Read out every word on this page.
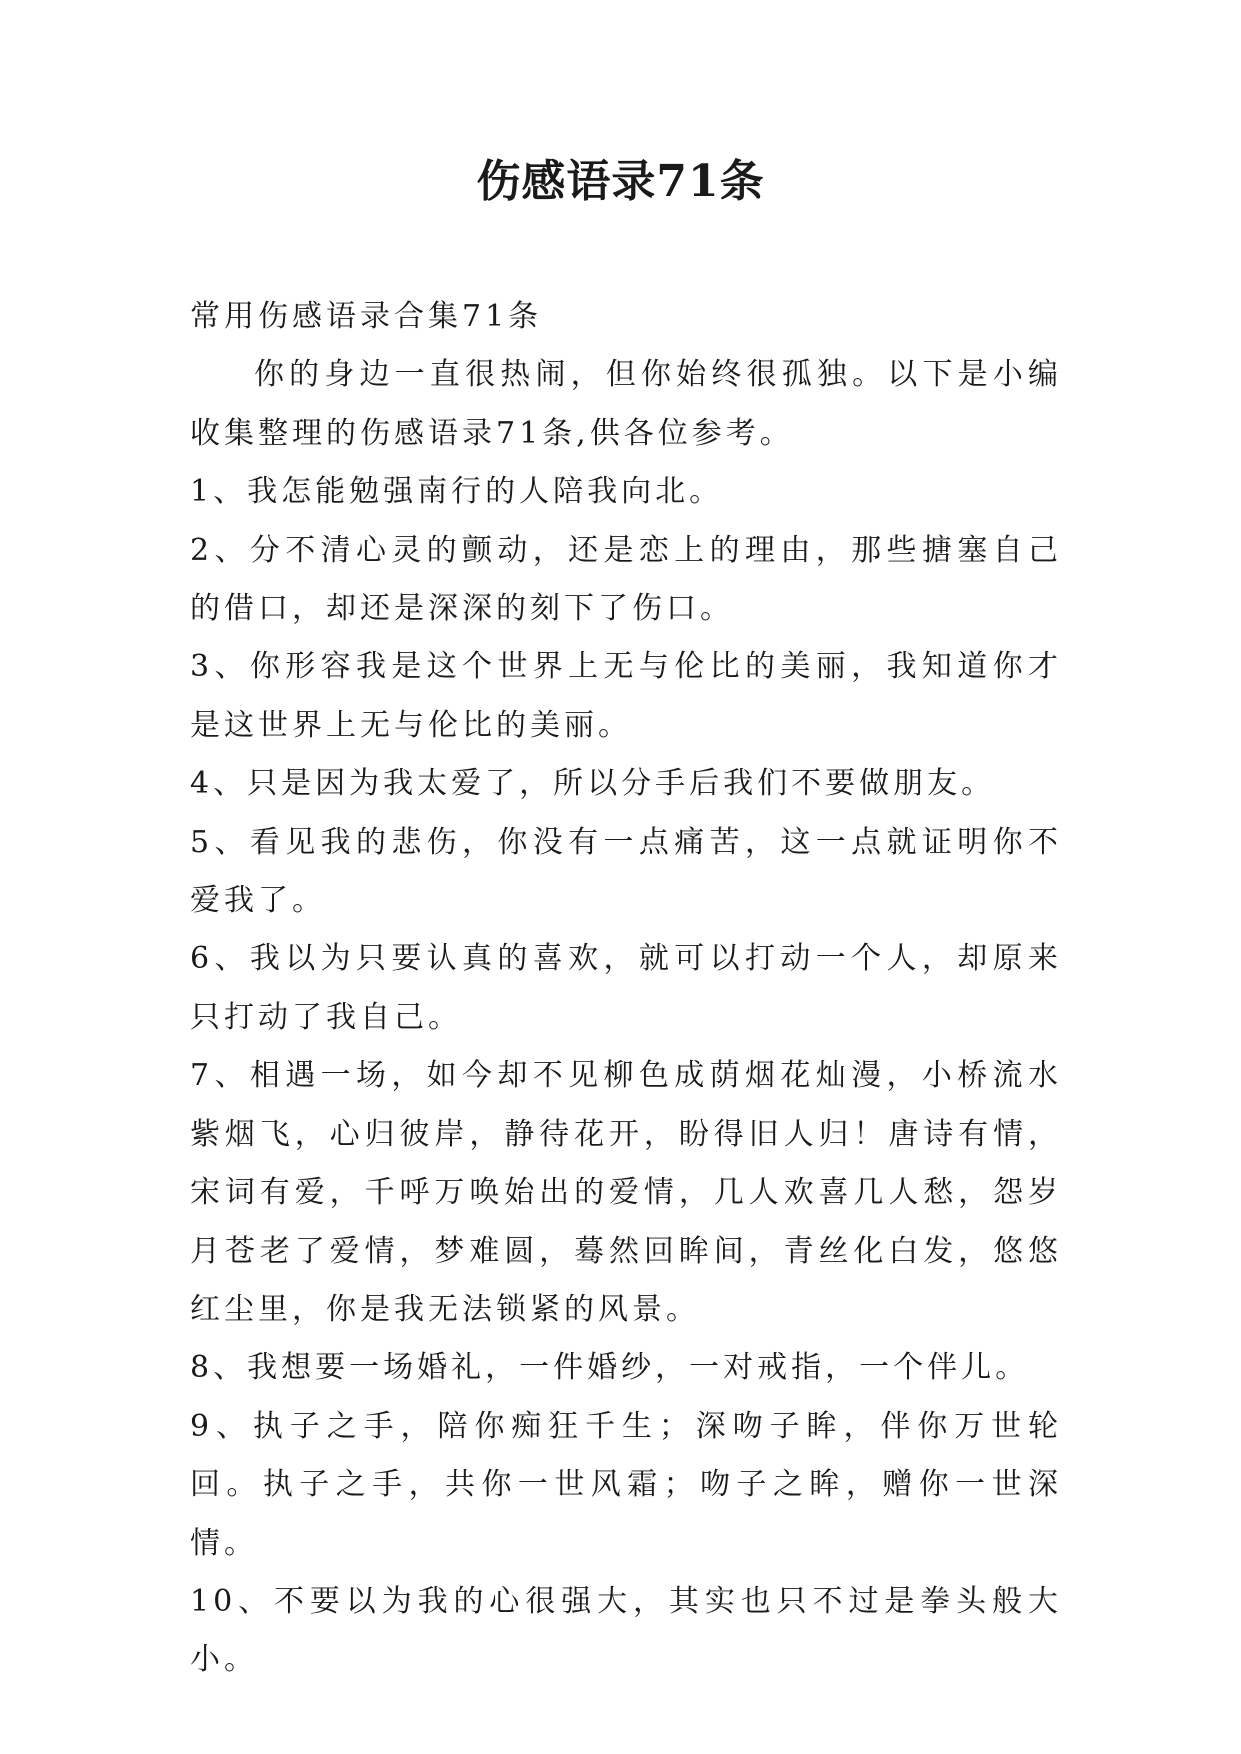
伤感语录71条

常用伤感语录合集71条

你的身边一直很热闹，但你始终很孤独。以下是小编收集整理的伤感语录71条,供各位参考。

1、我怎能勉强南行的人陪我向北。

2、分不清心灵的颤动，还是恋上的理由，那些搪塞自己的借口，却还是深深的刻下了伤口。

3、你形容我是这个世界上无与伦比的美丽，我知道你才是这世界上无与伦比的美丽。

4、只是因为我太爱了，所以分手后我们不要做朋友。

5、看见我的悲伤，你没有一点痛苦，这一点就证明你不爱我了。

6、我以为只要认真的喜欢，就可以打动一个人，却原来只打动了我自己。

7、相遇一场，如今却不见柳色成荫烟花灿漫，小桥流水紫烟飞，心归彼岸，静待花开，盼得旧人归！唐诗有情，宋词有爱，千呼万唤始出的爱情，几人欢喜几人愁，怨岁月苍老了爱情，梦难圆，蓦然回眸间，青丝化白发，悠悠红尘里，你是我无法锁紧的风景。

8、我想要一场婚礼，一件婚纱，一对戒指，一个伴儿。

9、执子之手，陪你痴狂千生；深吻子眸，伴你万世轮回。执子之手，共你一世风霜；吻子之眸，赠你一世深情。

10、不要以为我的心很强大，其实也只不过是拳头般大小。
